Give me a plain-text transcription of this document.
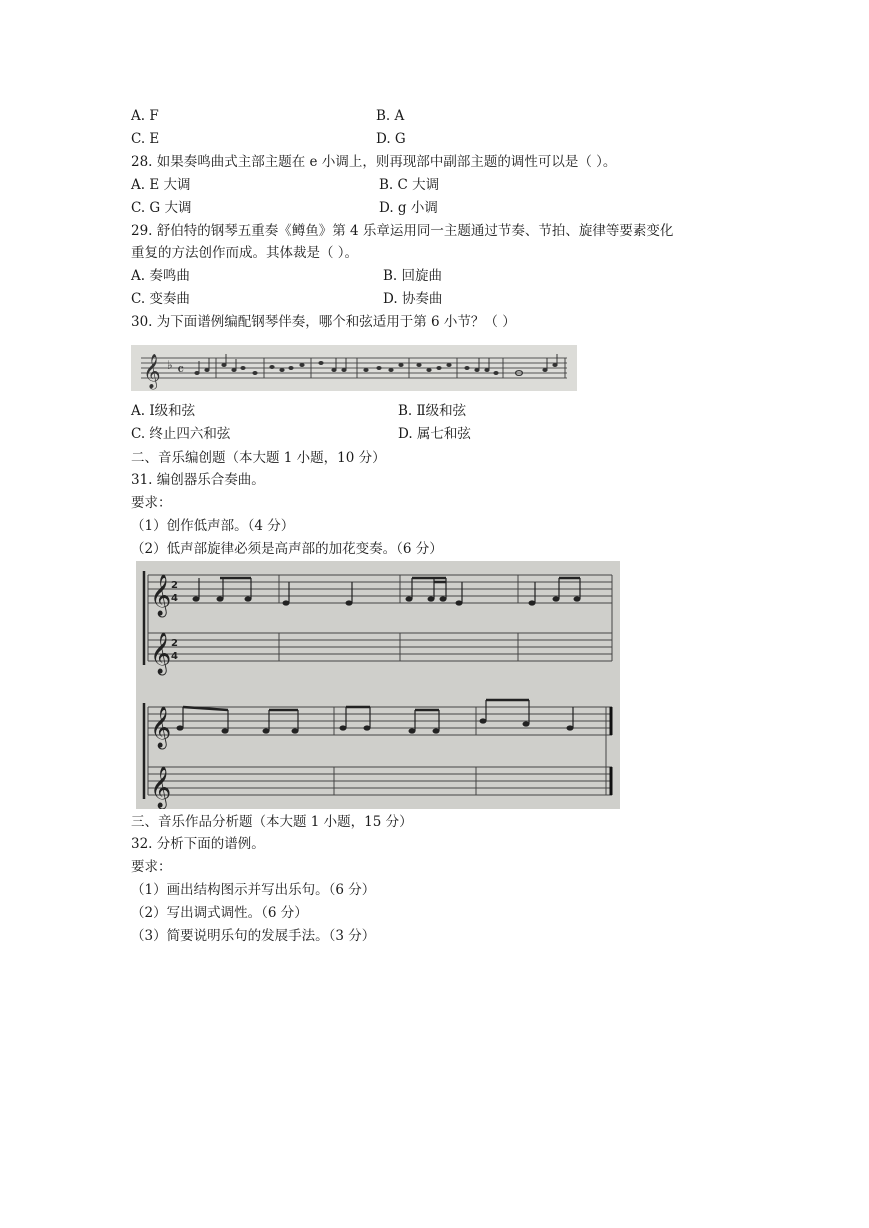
A. F	B. A
C. E	D. G
28. 如果奏鸣曲式主部主题在 e 小调上，则再现部中副部主题的调性可以是（ ）。
A. E 大调	B. C 大调
C. G 大调	D. g 小调
29. 舒伯特的钢琴五重奏《鳟鱼》第 4 乐章运用同一主题通过节奏、节拍、旋律等要素变化
重复的方法创作而成。其体裁是（ ）。
A. 奏鸣曲	B. 回旋曲
C. 变奏曲	D. 协奏曲
30. 为下面谱例编配钢琴伴奏，哪个和弦适用于第 6 小节？（ ）
𝄞 ♭ 𝄴
A. Ⅰ级和弦	B. Ⅱ级和弦
C. 终止四六和弦	D. 属七和弦
二、音乐编创题（本大题 1 小题，10 分）
31. 编创器乐合奏曲。
要求：
（1）创作低声部。（4 分）
（2）低声部旋律必须是高声部的加花变奏。（6 分）
𝄞
𝄞
2
4
2
4
𝄞
𝄞
三、音乐作品分析题（本大题 1 小题，15 分）
32. 分析下面的谱例。
要求：
（1）画出结构图示并写出乐句。（6 分）
（2）写出调式调性。（6 分）
（3）简要说明乐句的发展手法。（3 分）
